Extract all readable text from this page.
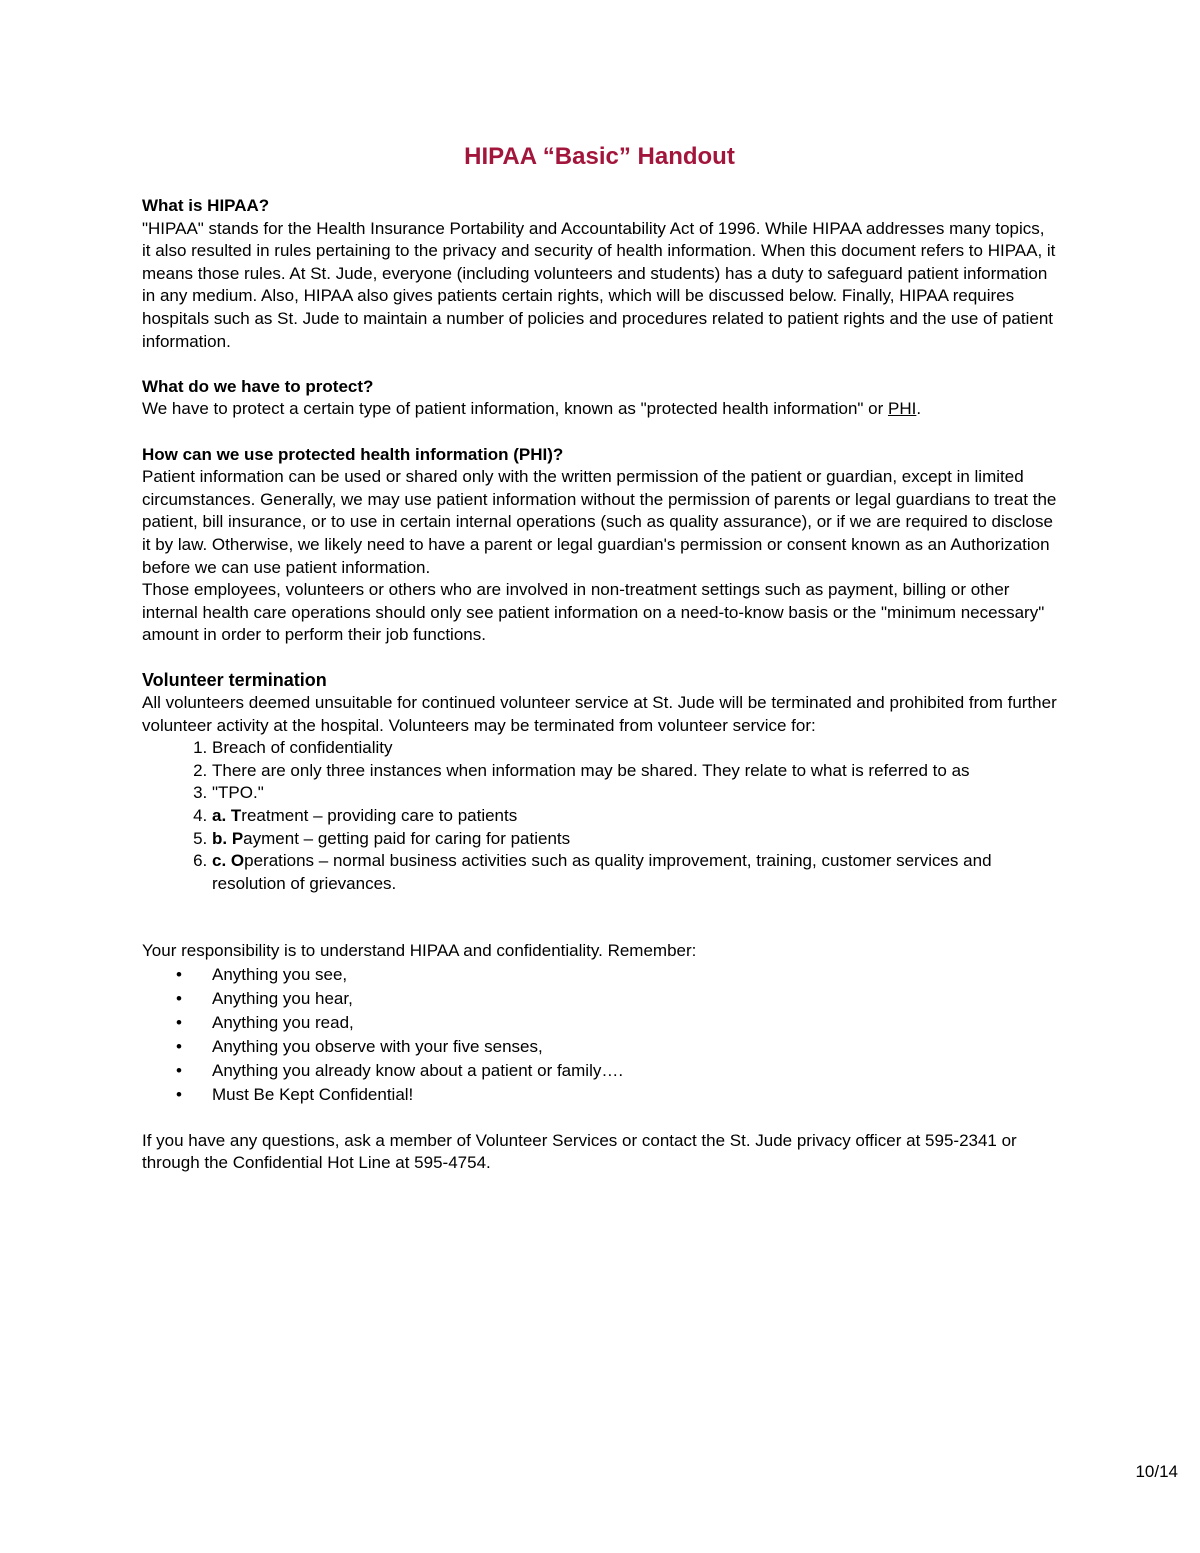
HIPAA “Basic” Handout

What is HIPAA?

"HIPAA" stands for the Health Insurance Portability and Accountability Act of 1996. While HIPAA addresses many topics, it also resulted in rules pertaining to the privacy and security of health information. When this document refers to HIPAA, it means those rules. At St. Jude, everyone (including volunteers and students) has a duty to safeguard patient information in any medium. Also, HIPAA also gives patients certain rights, which will be discussed below. Finally, HIPAA requires hospitals such as St. Jude to maintain a number of policies and procedures related to patient rights and the use of patient information.

What do we have to protect?

We have to protect a certain type of patient information, known as "protected health information" or PHI.

How can we use protected health information (PHI)?

Patient information can be used or shared only with the written permission of the patient or guardian, except in limited circumstances. Generally, we may use patient information without the permission of parents or legal guardians to treat the patient, bill insurance, or to use in certain internal operations (such as quality assurance), or if we are required to disclose it by law. Otherwise, we likely need to have a parent or legal guardian's permission or consent known as an Authorization before we can use patient information.

Those employees, volunteers or others who are involved in non-treatment settings such as payment, billing or other internal health care operations should only see patient information on a need-to-know basis or the "minimum necessary" amount in order to perform their job functions.

Volunteer termination

All volunteers deemed unsuitable for continued volunteer service at St. Jude will be terminated and prohibited from further volunteer activity at the hospital. Volunteers may be terminated from volunteer service for:

1. Breach of confidentiality
2. There are only three instances when information may be shared. They relate to what is referred to as
3. "TPO."
4. a. Treatment – providing care to patients
5. b. Payment – getting paid for caring for patients
6. c. Operations – normal business activities such as quality improvement, training, customer services and resolution of grievances.

Your responsibility is to understand HIPAA and confidentiality. Remember:

• Anything you see,
• Anything you hear,
• Anything you read,
• Anything you observe with your five senses,
• Anything you already know about a patient or family….
• Must Be Kept Confidential!

If you have any questions, ask a member of Volunteer Services or contact the St. Jude privacy officer at 595-2341 or through the Confidential Hot Line at 595-4754.

10/14
